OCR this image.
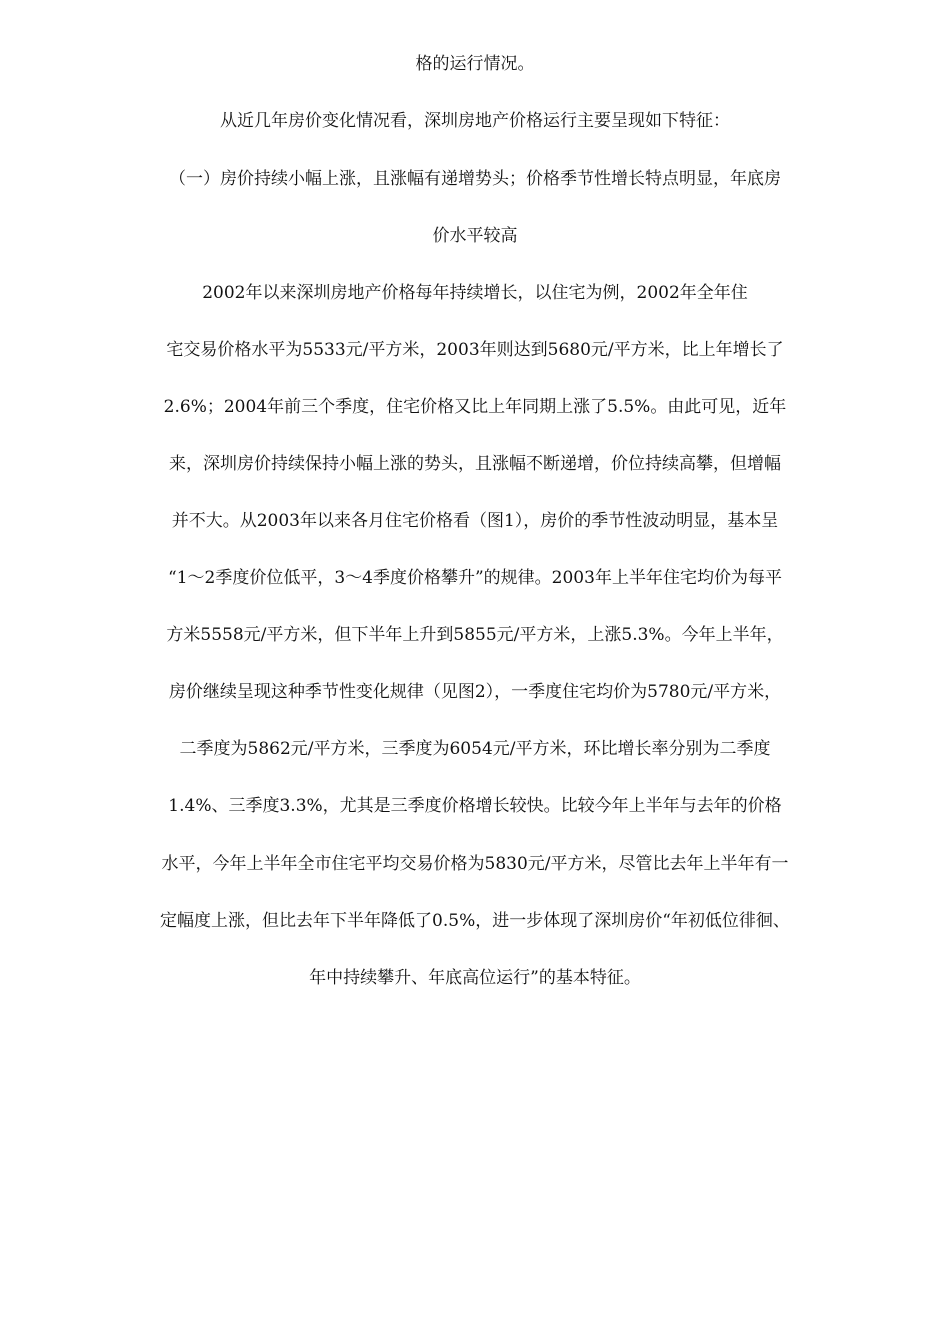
格的运行情况。
从近几年房价变化情况看，深圳房地产价格运行主要呈现如下特征：
（一）房价持续小幅上涨，且涨幅有递增势头；价格季节性增长特点明显，年底房
价水平较高
2002年以来深圳房地产价格每年持续增长，以住宅为例，2002年全年住
宅交易价格水平为5533元/平方米，2003年则达到5680元/平方米，比上年增长了
2.6%；2004年前三个季度，住宅价格又比上年同期上涨了5.5%。由此可见，近年
来，深圳房价持续保持小幅上涨的势头，且涨幅不断递增，价位持续高攀，但增幅
并不大。从2003年以来各月住宅价格看（图1），房价的季节性波动明显，基本呈
“1～2季度价位低平，3～4季度价格攀升”的规律。2003年上半年住宅均价为每平
方米5558元/平方米，但下半年上升到5855元/平方米，上涨5.3%。今年上半年，
房价继续呈现这种季节性变化规律（见图2），一季度住宅均价为5780元/平方米，
二季度为5862元/平方米，三季度为6054元/平方米，环比增长率分别为二季度
1.4%、三季度3.3%，尤其是三季度价格增长较快。比较今年上半年与去年的价格
水平，今年上半年全市住宅平均交易价格为5830元/平方米，尽管比去年上半年有一
定幅度上涨，但比去年下半年降低了0.5%，进一步体现了深圳房价“年初低位徘徊、
年中持续攀升、年底高位运行”的基本特征。
